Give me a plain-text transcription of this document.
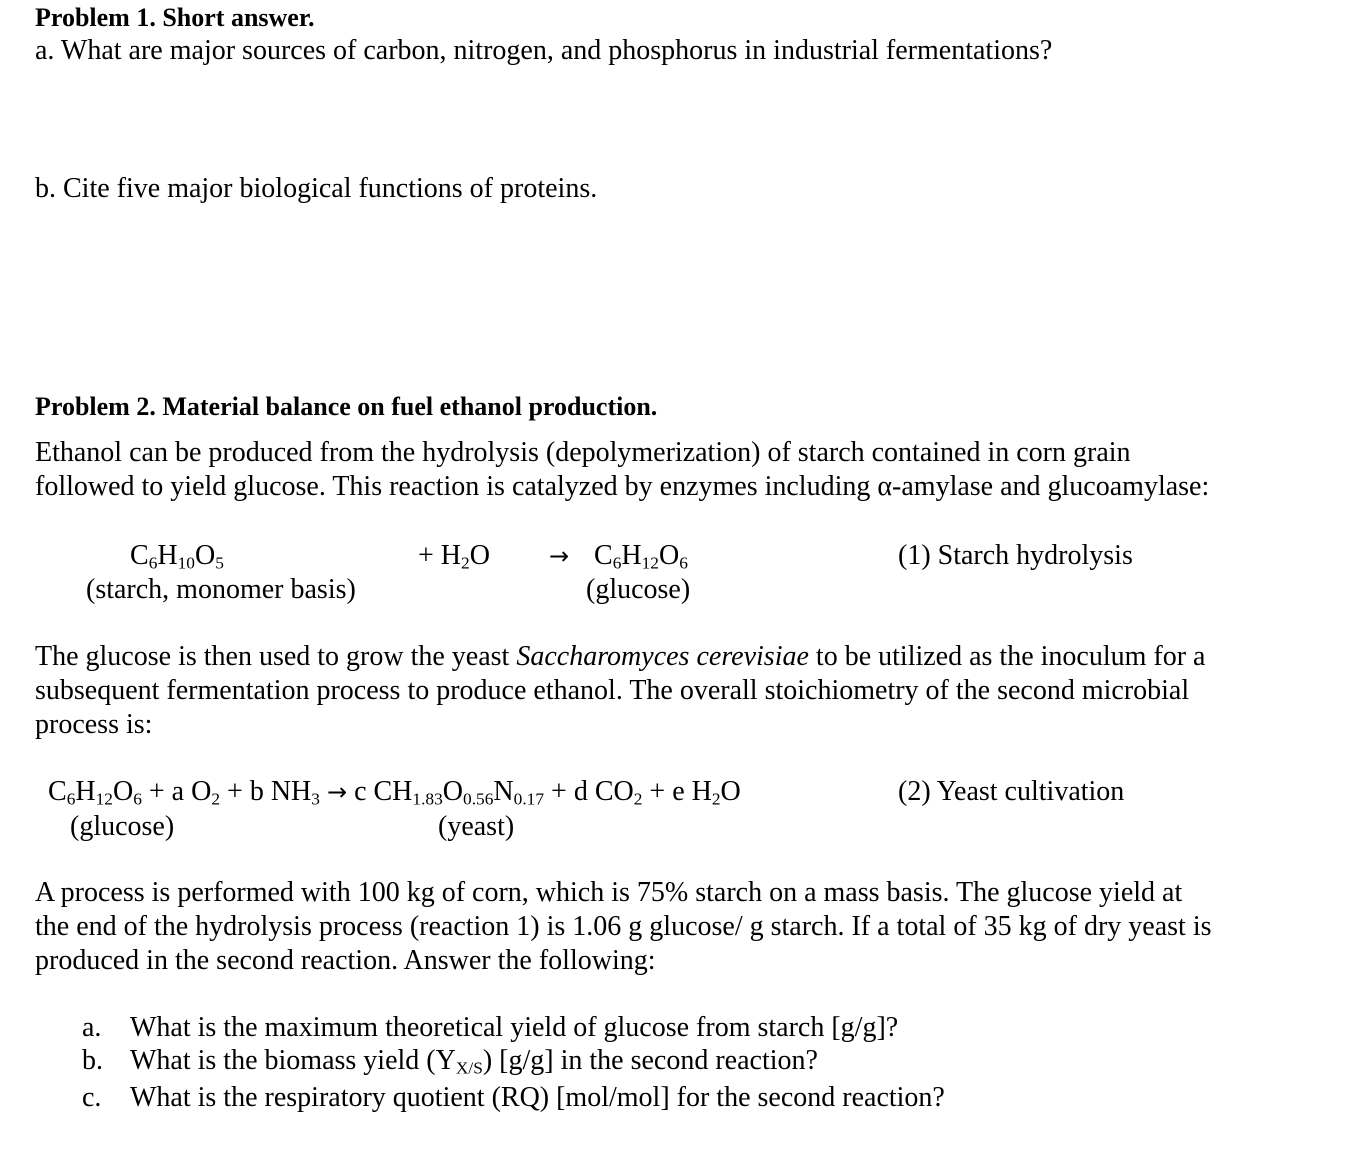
Problem 1. Short answer.
a. What are major sources of carbon, nitrogen, and phosphorus in industrial fermentations?
b. Cite five major biological functions of proteins.
Problem 2. Material balance on fuel ethanol production.
Ethanol can be produced from the hydrolysis (depolymerization) of starch contained in corn grain
followed to yield glucose. This reaction is catalyzed by enzymes including α-amylase and glucoamylase:
$C_6H_{10}O_5$
(starch, monomer basis)
+ $H_2O \to C_6H_{12}O_6$
(glucose)
(1) Starch hydrolysis
The glucose is then used to grow the yeast Saccharomyces cerevisiae to be utilized as the inoculum for a
subsequent fermentation process to produce ethanol. The overall stoichiometry of the second microbial
process is:
$C_6H_{12}O_6 + a$ $O_2 + b$ $NH_3 \to c$ $CH_{1.83}O_{0.56}N_{0.17} + d$ $CO_2 + e$ $H_2O$
(glucose)	(yeast)
(2) Yeast cultivation
A process is performed with 100 kg of corn, which is 75% starch on a mass basis. The glucose yield at
the end of the hydrolysis process (reaction 1) is 1.06 g glucose/ g starch. If a total of 35 kg of dry yeast is
produced in the second reaction. Answer the following:
a. What is the maximum theoretical yield of glucose from starch [g/g]?
b. What is the biomass yield $(Y_{X/S})$ [g/g] in the second reaction?
c. What is the respiratory quotient (RQ) [mol/mol] for the second reaction?
